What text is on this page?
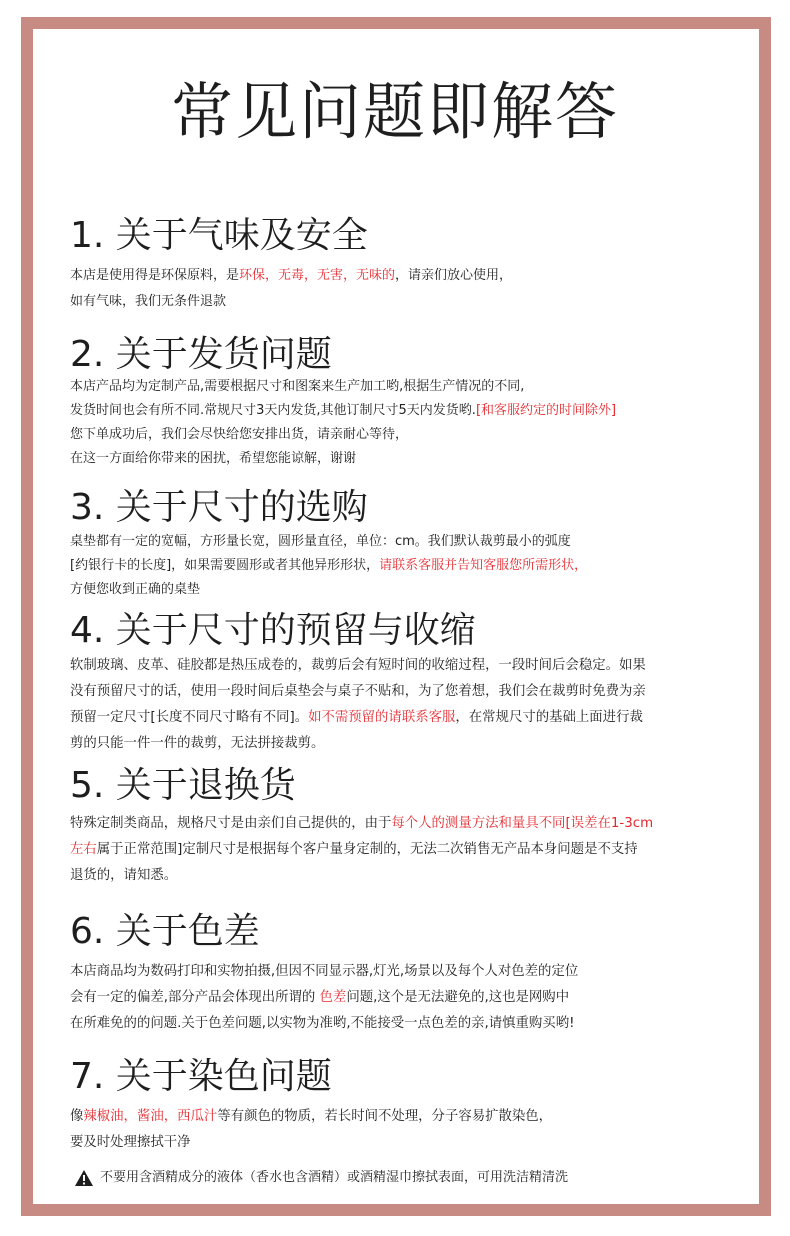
常见问题即解答
1. 关于气味及安全
本店是使用得是环保原料，是环保，无毒，无害，无味的，请亲们放心使用，
如有气味，我们无条件退款
2. 关于发货问题
本店产品均为定制产品,需要根据尺寸和图案来生产加工哟,根据生产情况的不同,
发货时间也会有所不同.常规尺寸3天内发货,其他订制尺寸5天内发货哟.[和客服约定的时间除外]
您下单成功后，我们会尽快给您安排出货，请亲耐心等待，
在这一方面给你带来的困扰，希望您能谅解，谢谢
3. 关于尺寸的选购
桌垫都有一定的宽幅，方形量长宽，圆形量直径，单位：cm。我们默认裁剪最小的弧度
[约银行卡的长度]，如果需要圆形或者其他异形形状，请联系客服并告知客服您所需形状，
方便您收到正确的桌垫
4. 关于尺寸的预留与收缩
软制玻璃、皮革、硅胶都是热压成卷的，裁剪后会有短时间的收缩过程，一段时间后会稳定。如果
没有预留尺寸的话，使用一段时间后桌垫会与桌子不贴和，为了您着想，我们会在裁剪时免费为亲
预留一定尺寸[长度不同尺寸略有不同]。如不需预留的请联系客服，在常规尺寸的基础上面进行裁
剪的只能一件一件的裁剪，无法拼接裁剪。
5. 关于退换货
特殊定制类商品，规格尺寸是由亲们自己提供的，由于每个人的测量方法和量具不同[误差在1-3cm
左右属于正常范围]定制尺寸是根据每个客户量身定制的，无法二次销售无产品本身问题是不支持
退货的，请知悉。
6. 关于色差
本店商品均为数码打印和实物拍摄,但因不同显示器,灯光,场景以及每个人对色差的定位
会有一定的偏差,部分产品会体现出所谓的 色差问题,这个是无法避免的,这也是网购中
在所难免的的问题.关于色差问题,以实物为准哟,不能接受一点色差的亲,请慎重购买哟!
7. 关于染色问题
像辣椒油，酱油，西瓜汁等有颜色的物质，若长时间不处理，分子容易扩散染色，
要及时处理擦拭干净
不要用含酒精成分的液体（香水也含酒精）或酒精湿巾擦拭表面，可用洗洁精清洗
